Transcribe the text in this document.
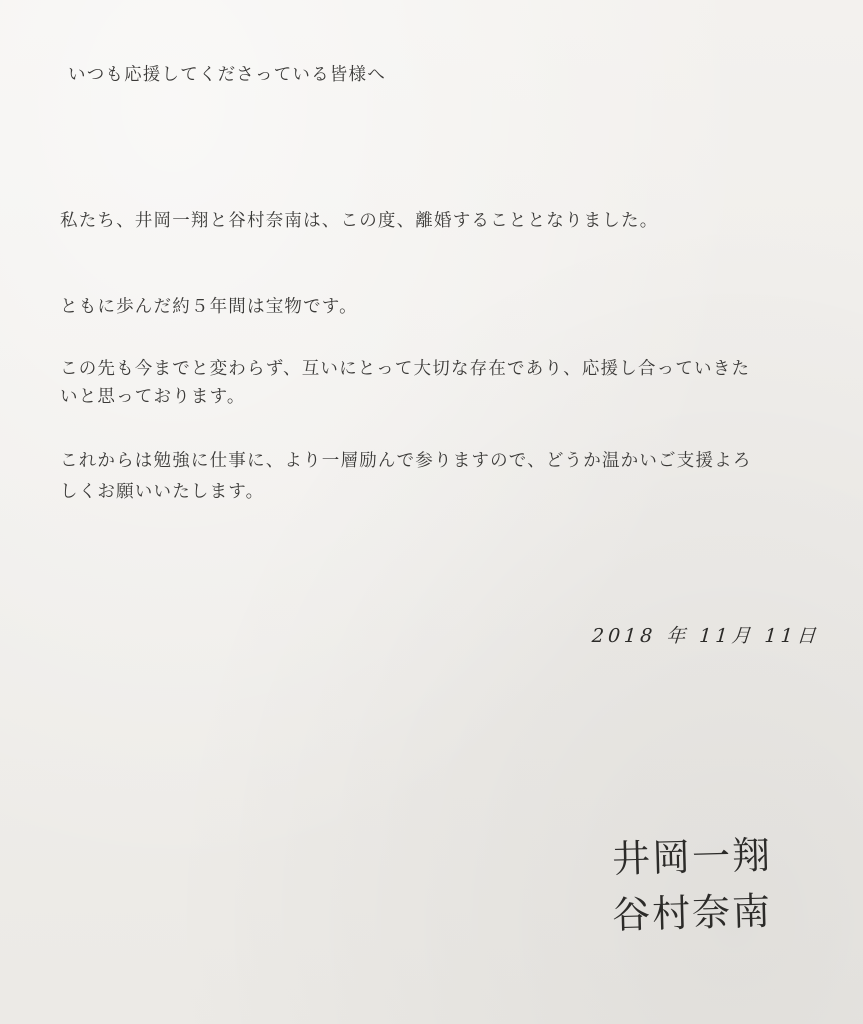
いつも応援してくださっている皆様へ

私たち、井岡一翔と谷村奈南は、この度、離婚することとなりました。

ともに歩んだ約５年間は宝物です。

この先も今までと変わらず、互いにとって大切な存在であり、応援し合っていきた

いと思っております。

これからは勉強に仕事に、より一層励んで参りますので、どうか温かいご支援よろ

しくお願いいたします。

2018 年 11月 11日
井岡一翔
谷村奈南
